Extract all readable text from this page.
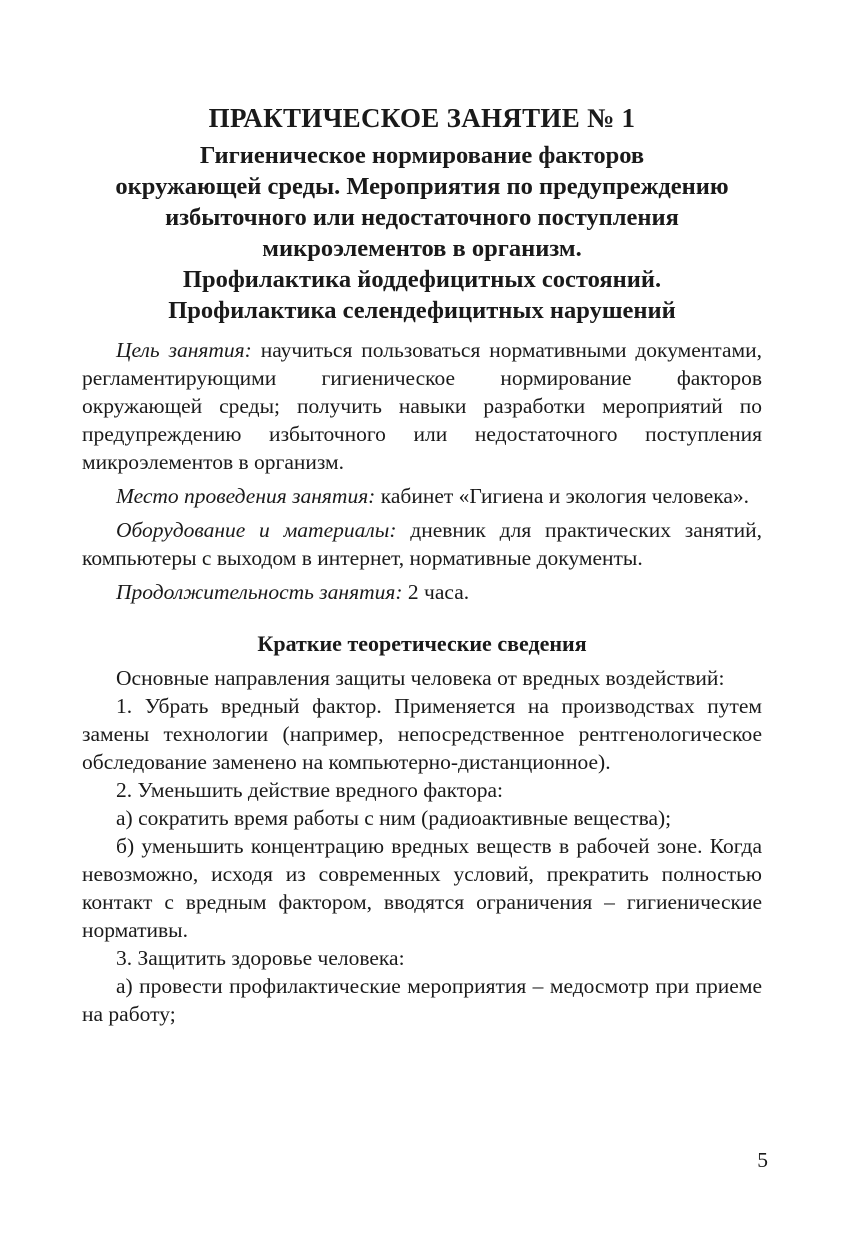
ПРАКТИЧЕСКОЕ ЗАНЯТИЕ № 1
Гигиеническое нормирование факторов
окружающей среды. Мероприятия по предупреждению
избыточного или недостаточного поступления
микроэлементов в организм.
Профилактика йоддефицитных состояний.
Профилактика селендефицитных нарушений

Цель занятия: научиться пользоваться нормативными документами, регламентирующими гигиеническое нормирование факторов окружающей среды; получить навыки разработки мероприятий по предупреждению избыточного или недостаточного поступления микроэлементов в организм.

Место проведения занятия: кабинет «Гигиена и экология человека».

Оборудование и материалы: дневник для практических занятий, компьютеры с выходом в интернет, нормативные документы.

Продолжительность занятия: 2 часа.

Краткие теоретические сведения

Основные направления защиты человека от вредных воздействий:

1. Убрать вредный фактор. Применяется на производствах путем замены технологии (например, непосредственное рентгенологическое обследование заменено на компьютерно-дистанционное).

2. Уменьшить действие вредного фактора:

а) сократить время работы с ним (радиоактивные вещества);

б) уменьшить концентрацию вредных веществ в рабочей зоне. Когда невозможно, исходя из современных условий, прекратить полностью контакт с вредным фактором, вводятся ограничения – гигиенические нормативы.

3. Защитить здоровье человека:

а) провести профилактические мероприятия – медосмотр при приеме на работу;

5
